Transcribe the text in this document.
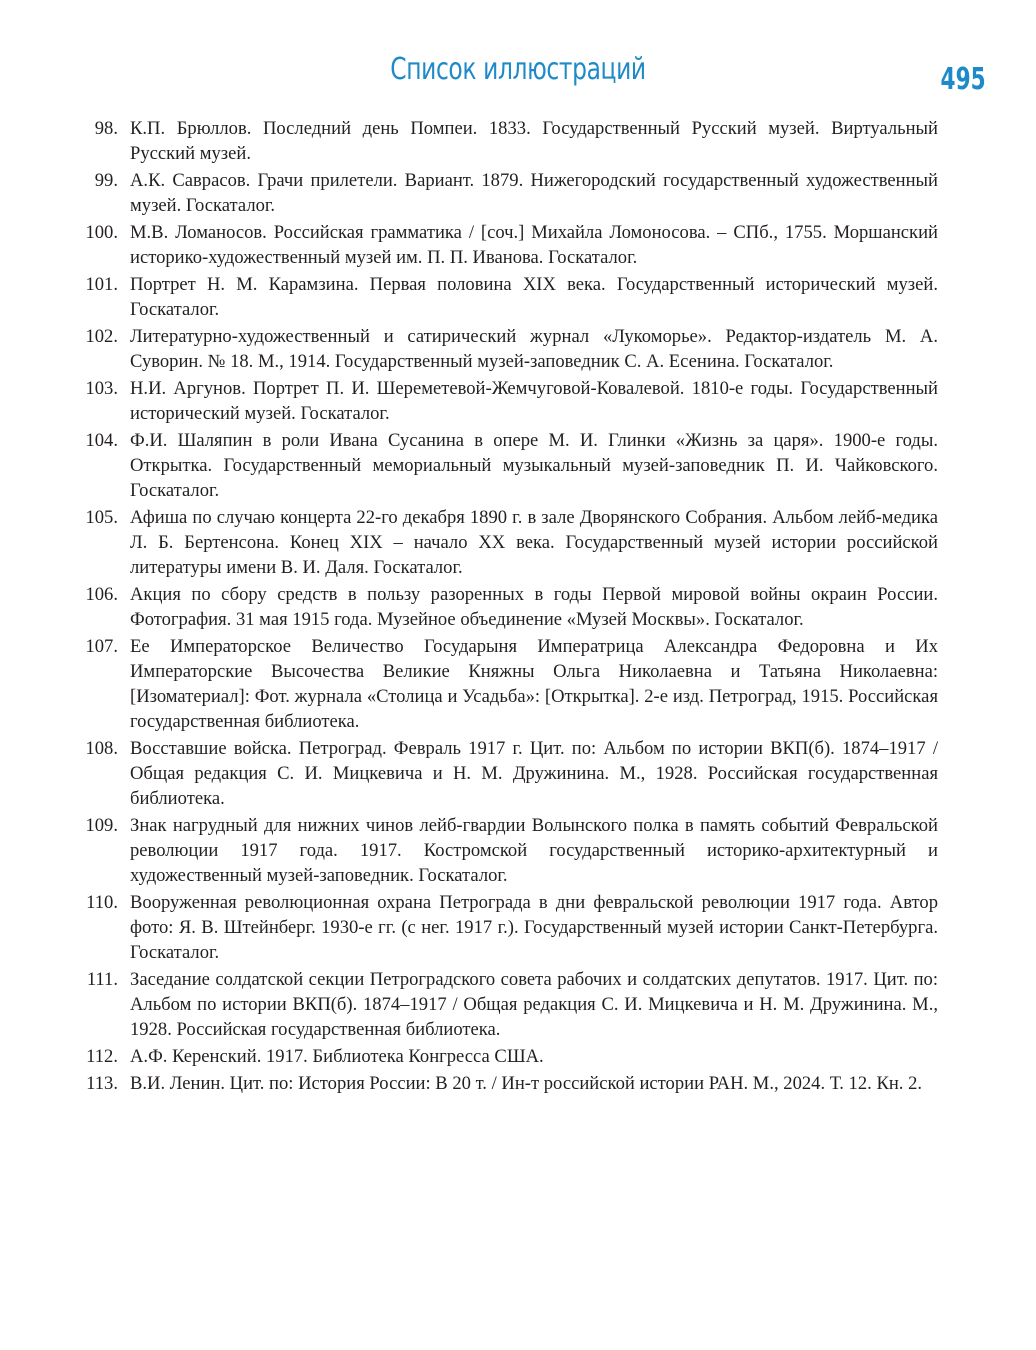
Список иллюстраций	495
98. К.П. Брюллов. Последний день Помпеи. 1833. Государственный Русский музей. Виртуальный Русский музей.
99. А.К. Саврасов. Грачи прилетели. Вариант. 1879. Нижегородский государственный художественный музей. Госкаталог.
100. М.В. Ломаносов. Российская грамматика / [соч.] Михайла Ломоносова. – СПб., 1755. Моршанский историко-художественный музей им. П. П. Иванова. Госкаталог.
101. Портрет Н. М. Карамзина. Первая половина XIX века. Государственный исторический музей. Госкаталог.
102. Литературно-художественный и сатирический журнал «Лукоморье». Редактор-издатель М. А. Суворин. № 18. М., 1914. Государственный музей-заповедник С. А. Есенина. Госкаталог.
103. Н.И. Аргунов. Портрет П. И. Шереметевой-Жемчуговой-Ковалевой. 1810-е годы. Государственный исторический музей. Госкаталог.
104. Ф.И. Шаляпин в роли Ивана Сусанина в опере М. И. Глинки «Жизнь за царя». 1900-е годы. Открытка. Государственный мемориальный музыкальный музей-заповедник П. И. Чайковского. Госкаталог.
105. Афиша по случаю концерта 22-го декабря 1890 г. в зале Дворянского Собрания. Альбом лейб-медика Л. Б. Бертенсона. Конец XIX – начало XX века. Государственный музей истории российской литературы имени В. И. Даля. Госкаталог.
106. Акция по сбору средств в пользу разоренных в годы Первой мировой войны окраин России. Фотография. 31 мая 1915 года. Музейное объединение «Музей Москвы». Госкаталог.
107. Ее Императорское Величество Государыня Императрица Александра Федоровна и Их Императорские Высочества Великие Княжны Ольга Николаевна и Татьяна Николаевна: [Изоматериал]: Фот. журнала «Столица и Усадьба»: [Открытка]. 2-е изд. Петроград, 1915. Российская государственная библиотека.
108. Восставшие войска. Петроград. Февраль 1917 г. Цит. по: Альбом по истории ВКП(б). 1874–1917 / Общая редакция С. И. Мицкевича и Н. М. Дружинина. М., 1928. Российская государственная библиотека.
109. Знак нагрудный для нижних чинов лейб-гвардии Волынского полка в память событий Февральской революции 1917 года. 1917. Костромской государственный историко-архитектурный и художественный музей-заповедник. Госкаталог.
110. Вооруженная революционная охрана Петрограда в дни февральской революции 1917 года. Автор фото: Я. В. Штейнберг. 1930-е гг. (с нег. 1917 г.). Государственный музей истории Санкт-Петербурга. Госкаталог.
111. Заседание солдатской секции Петроградского совета рабочих и солдатских депутатов. 1917. Цит. по: Альбом по истории ВКП(б). 1874–1917 / Общая редакция С. И. Мицкевича и Н. М. Дружинина. М., 1928. Российская государственная библиотека.
112. А.Ф. Керенский. 1917. Библиотека Конгресса США.
113. В.И. Ленин. Цит. по: История России: В 20 т. / Ин-т российской истории РАН. М., 2024. Т. 12. Кн. 2.
